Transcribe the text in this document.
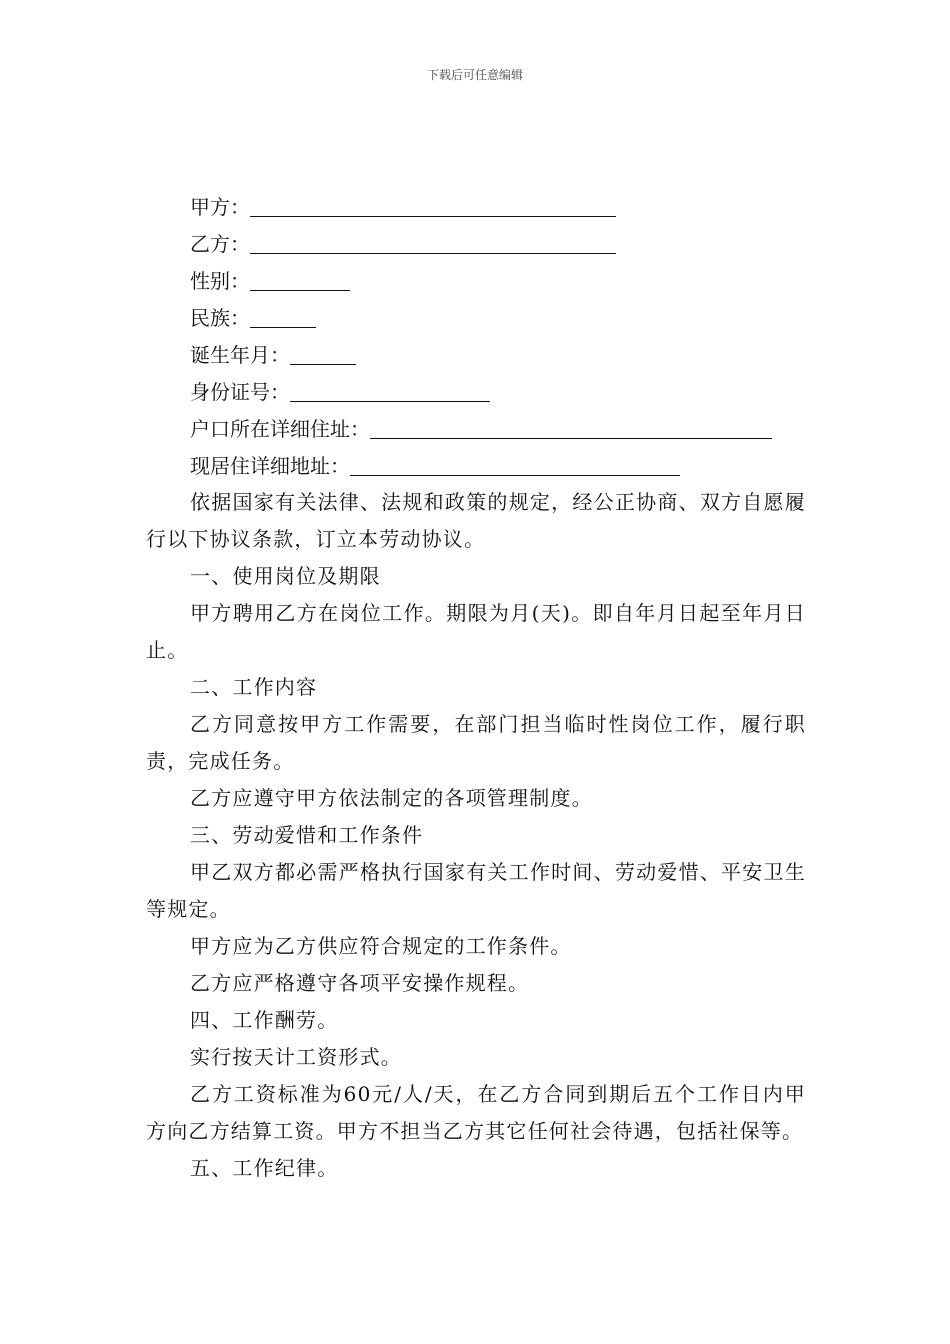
下载后可任意编辑
甲方：
乙方：
性别：
民族：
诞生年月：
身份证号：
户口所在详细住址：
现居住详细地址：

依据国家有关法律、法规和政策的规定，经公正协商、双方自愿履行以下协议条款，订立本劳动协议。

一、使用岗位及期限

甲方聘用乙方在岗位工作。期限为月(天)。即自年月日起至年月日止。

二、工作内容

乙方同意按甲方工作需要，在部门担当临时性岗位工作，履行职责，完成任务。

乙方应遵守甲方依法制定的各项管理制度。

三、劳动爱惜和工作条件

甲乙双方都必需严格执行国家有关工作时间、劳动爱惜、平安卫生等规定。

甲方应为乙方供应符合规定的工作条件。

乙方应严格遵守各项平安操作规程。

四、工作酬劳。

实行按天计工资形式。

乙方工资标准为60元/人/天，在乙方合同到期后五个工作日内甲方向乙方结算工资。甲方不担当乙方其它任何社会待遇，包括社保等。

五、工作纪律。
